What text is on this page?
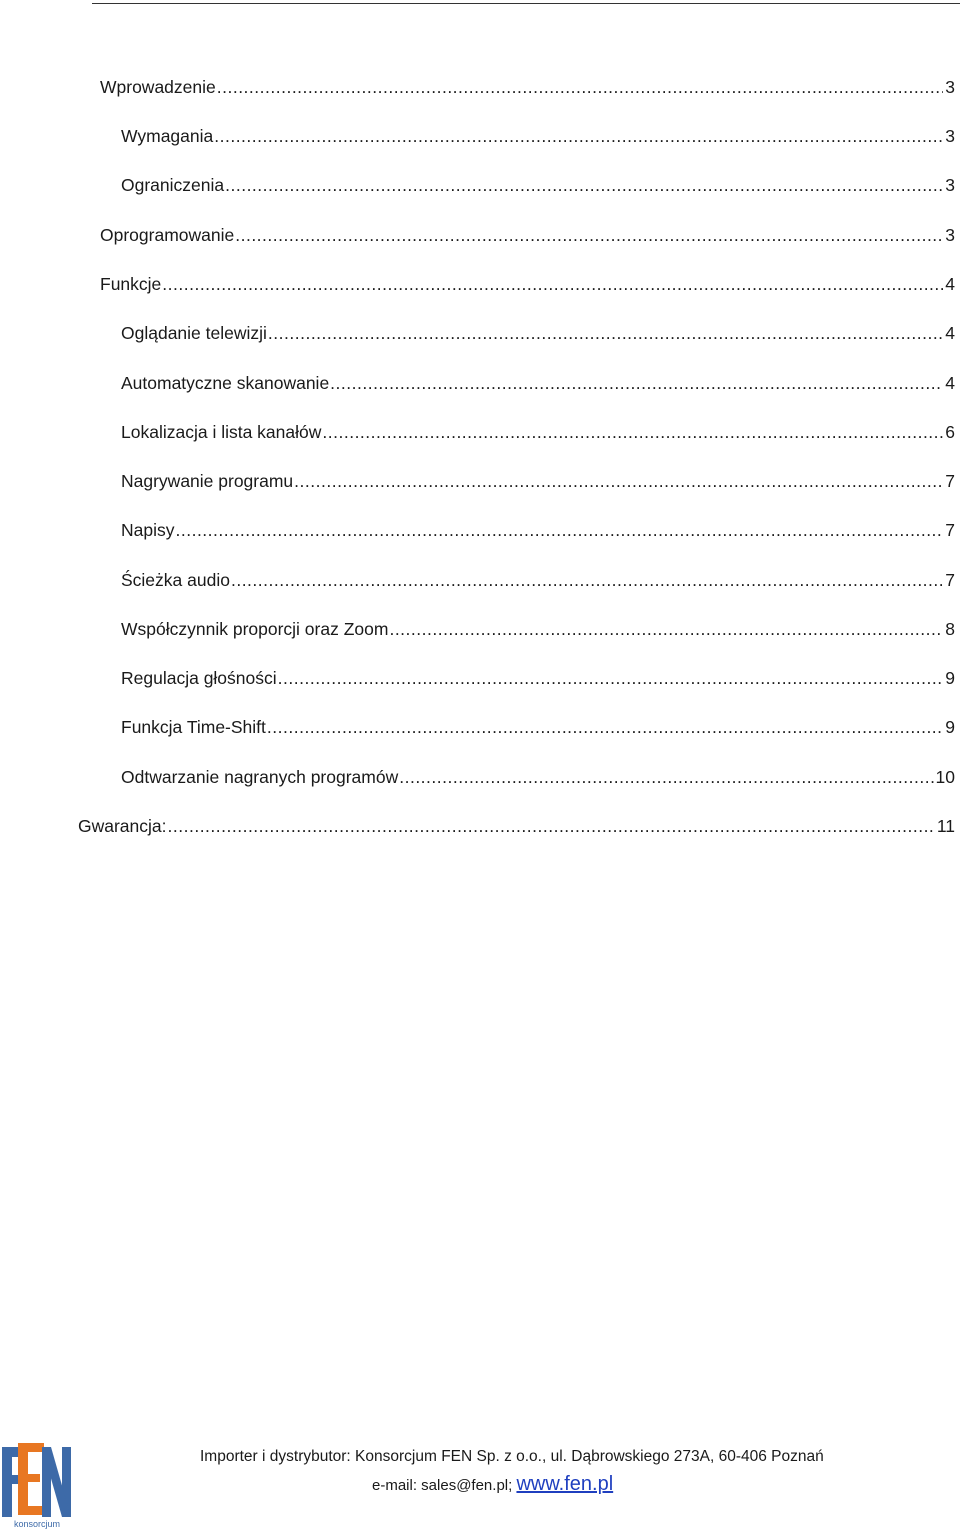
Wprowadzenie .....	3
Wymagania .....	3
Ograniczenia .....	3
Oprogramowanie .....	3
Funkcje .....	4
Oglądanie telewizji .....	4
Automatyczne skanowanie .....	4
Lokalizacja i lista kanałów .....	6
Nagrywanie programu .....	7
Napisy .....	7
Ścieżka audio .....	7
Współczynnik proporcji oraz Zoom .....	8
Regulacja głośności .....	9
Funkcja Time-Shift .....	9
Odtwarzanie nagranych programów .....	10
Gwarancja: .....	11
konsorcjum
Importer i dystrybutor: Konsorcjum FEN Sp. z o.o., ul. Dąbrowskiego 273A, 60-406 Poznań
e-mail: sales@fen.pl; www.fen.pl
